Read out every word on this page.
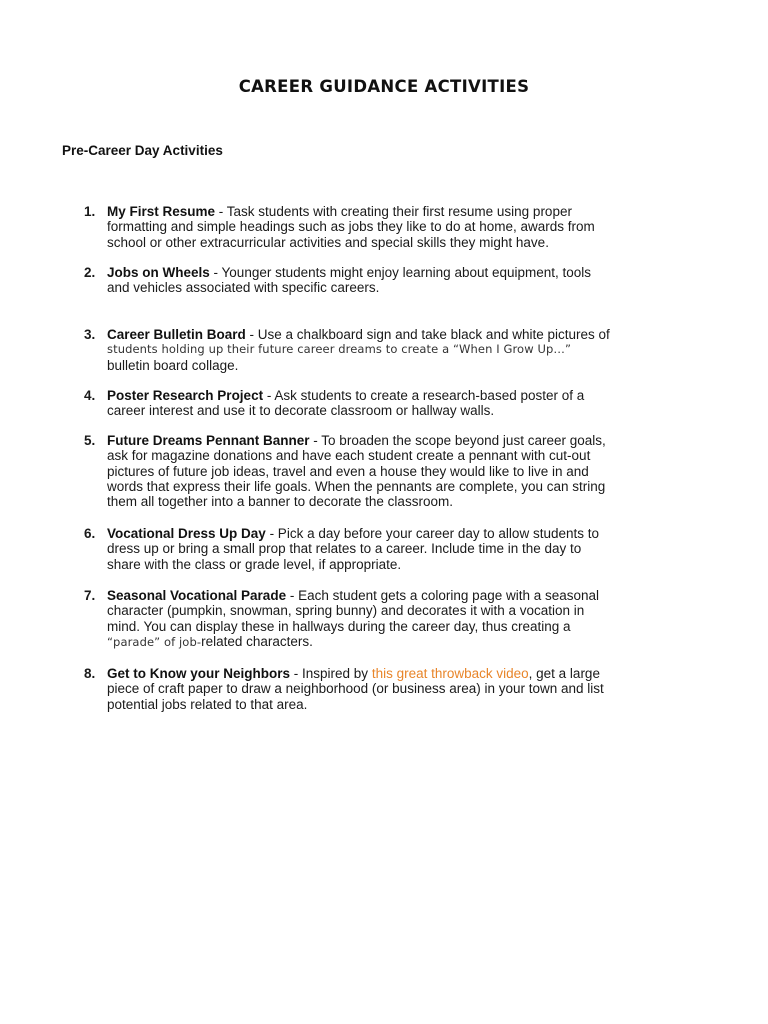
CAREER GUIDANCE ACTIVITIES
Pre-Career Day Activities
1. My First Resume - Task students with creating their first resume using proper
formatting and simple headings such as jobs they like to do at home, awards from
school or other extracurricular activities and special skills they might have.
2. Jobs on Wheels - Younger students might enjoy learning about equipment, tools
and vehicles associated with specific careers.
3. Career Bulletin Board - Use a chalkboard sign and take black and white pictures of
students holding up their future career dreams to create a “When I Grow Up…”
bulletin board collage.
4. Poster Research Project - Ask students to create a research-based poster of a
career interest and use it to decorate classroom or hallway walls.
5. Future Dreams Pennant Banner - To broaden the scope beyond just career goals,
ask for magazine donations and have each student create a pennant with cut-out
pictures of future job ideas, travel and even a house they would like to live in and
words that express their life goals. When the pennants are complete, you can string
them all together into a banner to decorate the classroom.
6. Vocational Dress Up Day - Pick a day before your career day to allow students to
dress up or bring a small prop that relates to a career. Include time in the day to
share with the class or grade level, if appropriate.
7. Seasonal Vocational Parade - Each student gets a coloring page with a seasonal
character (pumpkin, snowman, spring bunny) and decorates it with a vocation in
mind. You can display these in hallways during the career day, thus creating a
“parade” of job-related characters.
8. Get to Know your Neighbors - Inspired by this great throwback video, get a large
piece of craft paper to draw a neighborhood (or business area) in your town and list
potential jobs related to that area.
